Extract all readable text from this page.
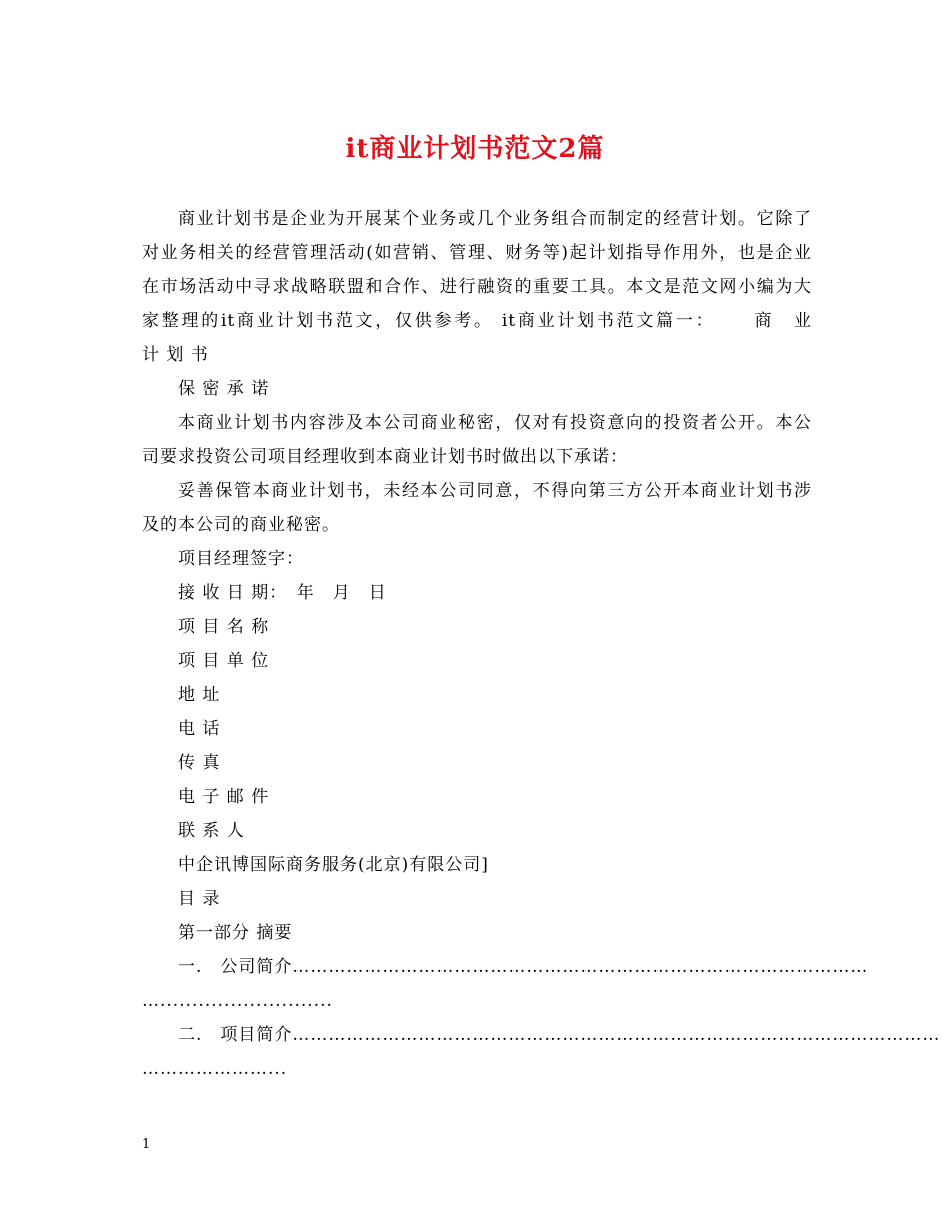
it商业计划书范文2篇
商业计划书是企业为开展某个业务或几个业务组合而制定的经营计划。它除了
对业务相关的经营管理活动(如营销、管理、财务等)起计划指导作用外，也是企业
在市场活动中寻求战略联盟和合作、进行融资的重要工具。本文是范文网小编为大
家整理的it商业计划书范文，仅供参考。 it商业计划书范文篇一：　　 商　业
计 划 书
保 密 承 诺
本商业计划书内容涉及本公司商业秘密，仅对有投资意向的投资者公开。本公
司要求投资公司项目经理收到本商业计划书时做出以下承诺：
妥善保管本商业计划书，未经本公司同意，不得向第三方公开本商业计划书涉
及的本公司的商业秘密。
项目经理签字：
接 收 日 期：　年　月　日
项 目 名 称
项 目 单 位
地 址
电 话
传 真
电 子 邮 件
联 系 人
中企讯博国际商务服务(北京)有限公司]
目 录
第一部分 摘要
一.　公司简介……………………………………………………………………………………
…...........................
二.　项目简介………………………………………………………………………………………………
…………………...
1
